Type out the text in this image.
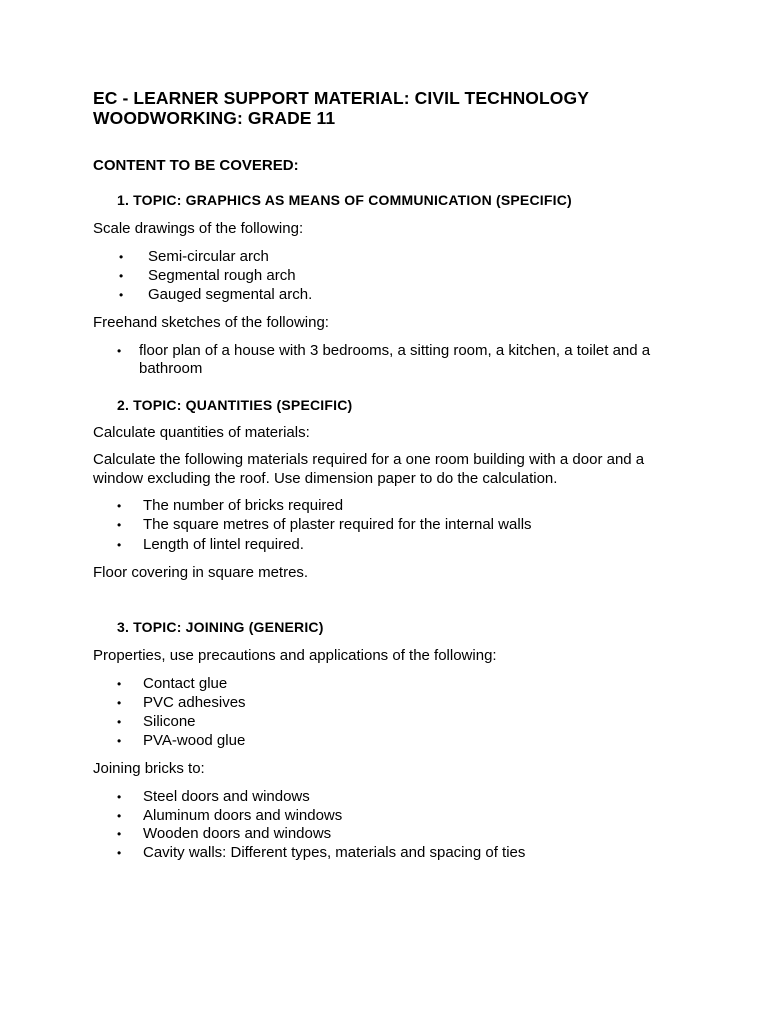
EC - LEARNER SUPPORT MATERIAL: CIVIL TECHNOLOGY
WOODWORKING: GRADE 11
CONTENT TO BE COVERED:
1. TOPIC: GRAPHICS AS MEANS OF COMMUNICATION (SPECIFIC)
Scale drawings of the following:
• Semi-circular arch
• Segmental rough arch
• Gauged segmental arch.
Freehand sketches of the following:
• floor plan of a house with 3 bedrooms, a sitting room, a kitchen, a toilet and a
bathroom
2. TOPIC: QUANTITIES (SPECIFIC)
Calculate quantities of materials:
Calculate the following materials required for a one room building with a door and a
window excluding the roof. Use dimension paper to do the calculation.
• The number of bricks required
• The square metres of plaster required for the internal walls
• Length of lintel required.
Floor covering in square metres.
3. TOPIC: JOINING (GENERIC)
Properties, use precautions and applications of the following:
• Contact glue
• PVC adhesives
• Silicone
• PVA-wood glue
Joining bricks to:
• Steel doors and windows
• Aluminum doors and windows
• Wooden doors and windows
• Cavity walls: Different types, materials and spacing of ties
